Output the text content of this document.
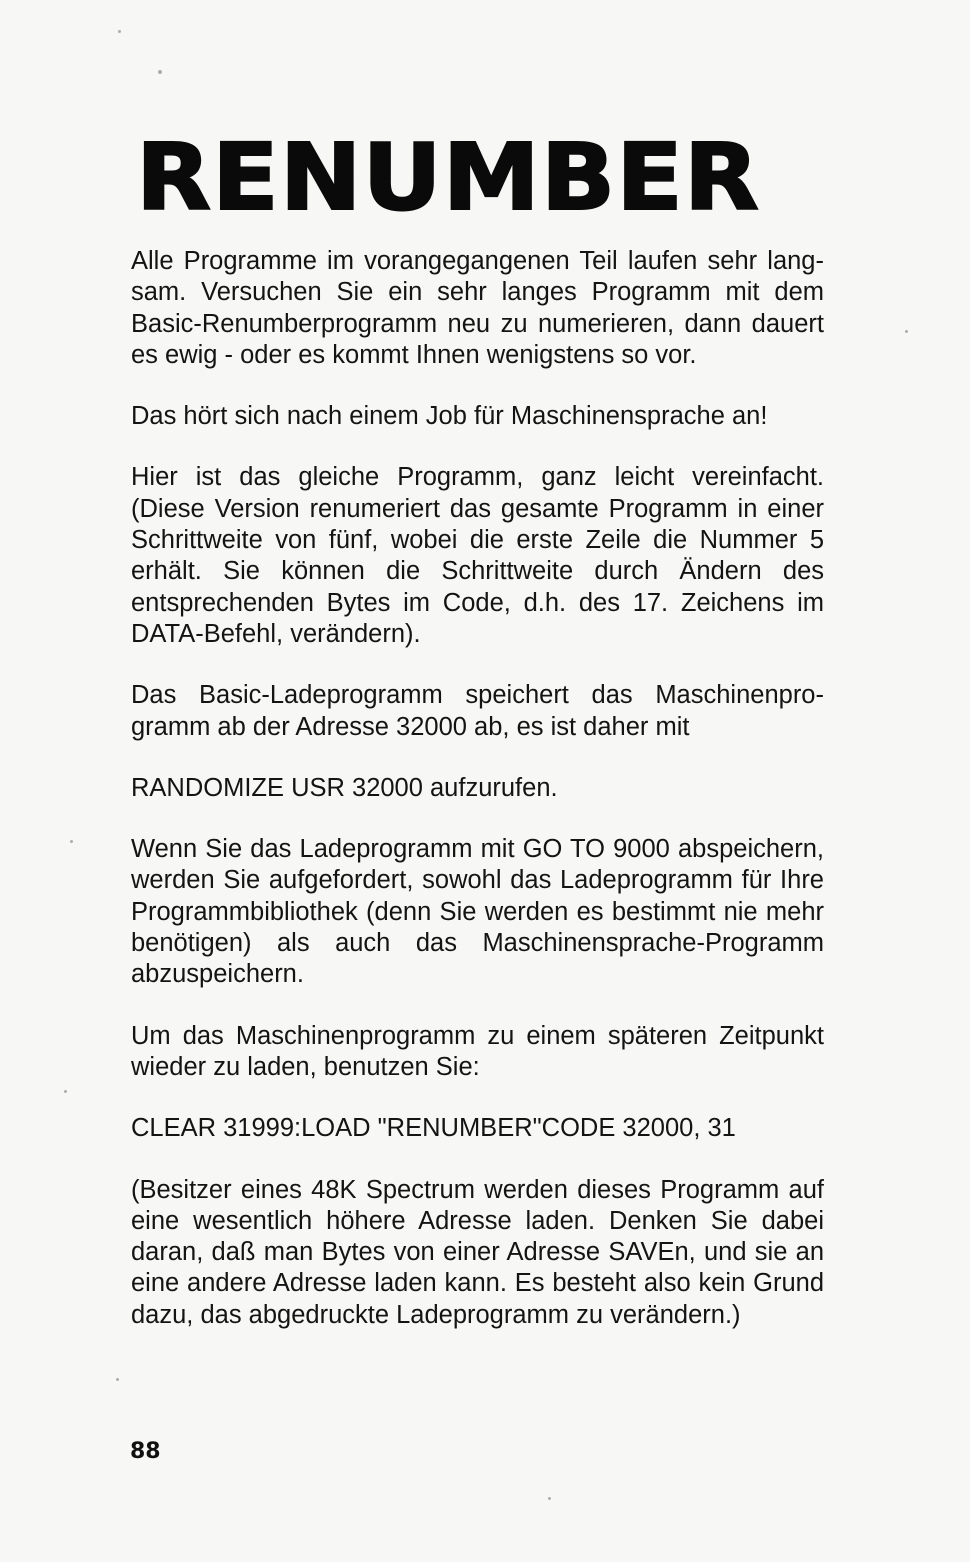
RENUMBER

Alle Programme im vorangegangenen Teil laufen sehr langsam. Versuchen Sie ein sehr langes Programm mit dem Basic-Renumberprogramm neu zu numerieren, dann dauert es ewig - oder es kommt Ihnen wenigstens so vor.

Das hört sich nach einem Job für Maschinensprache an!

Hier ist das gleiche Programm, ganz leicht vereinfacht. (Diese Version renumeriert das gesamte Programm in einer Schrittweite von fünf, wobei die erste Zeile die Nummer 5 erhält. Sie können die Schrittweite durch Ändern des entsprechenden Bytes im Code, d.h. des 17. Zeichens im DATA-Befehl, verändern).

Das Basic-Ladeprogramm speichert das Maschinenprogramm ab der Adresse 32000 ab, es ist daher mit

RANDOMIZE USR 32000 aufzurufen.

Wenn Sie das Ladeprogramm mit GO TO 9000 abspeichern, werden Sie aufgefordert, sowohl das Ladeprogramm für Ihre Programmbibliothek (denn Sie werden es bestimmt nie mehr benötigen) als auch das Maschinensprache-Programm abzuspeichern.

Um das Maschinenprogramm zu einem späteren Zeitpunkt wieder zu laden, benutzen Sie:

CLEAR 31999:LOAD "RENUMBER"CODE 32000, 31

(Besitzer eines 48K Spectrum werden dieses Programm auf eine wesentlich höhere Adresse laden. Denken Sie dabei daran, daß man Bytes von einer Adresse SAVEn, und sie an eine andere Adresse laden kann. Es besteht also kein Grund dazu, das abgedruckte Ladeprogramm zu verändern.)

88
